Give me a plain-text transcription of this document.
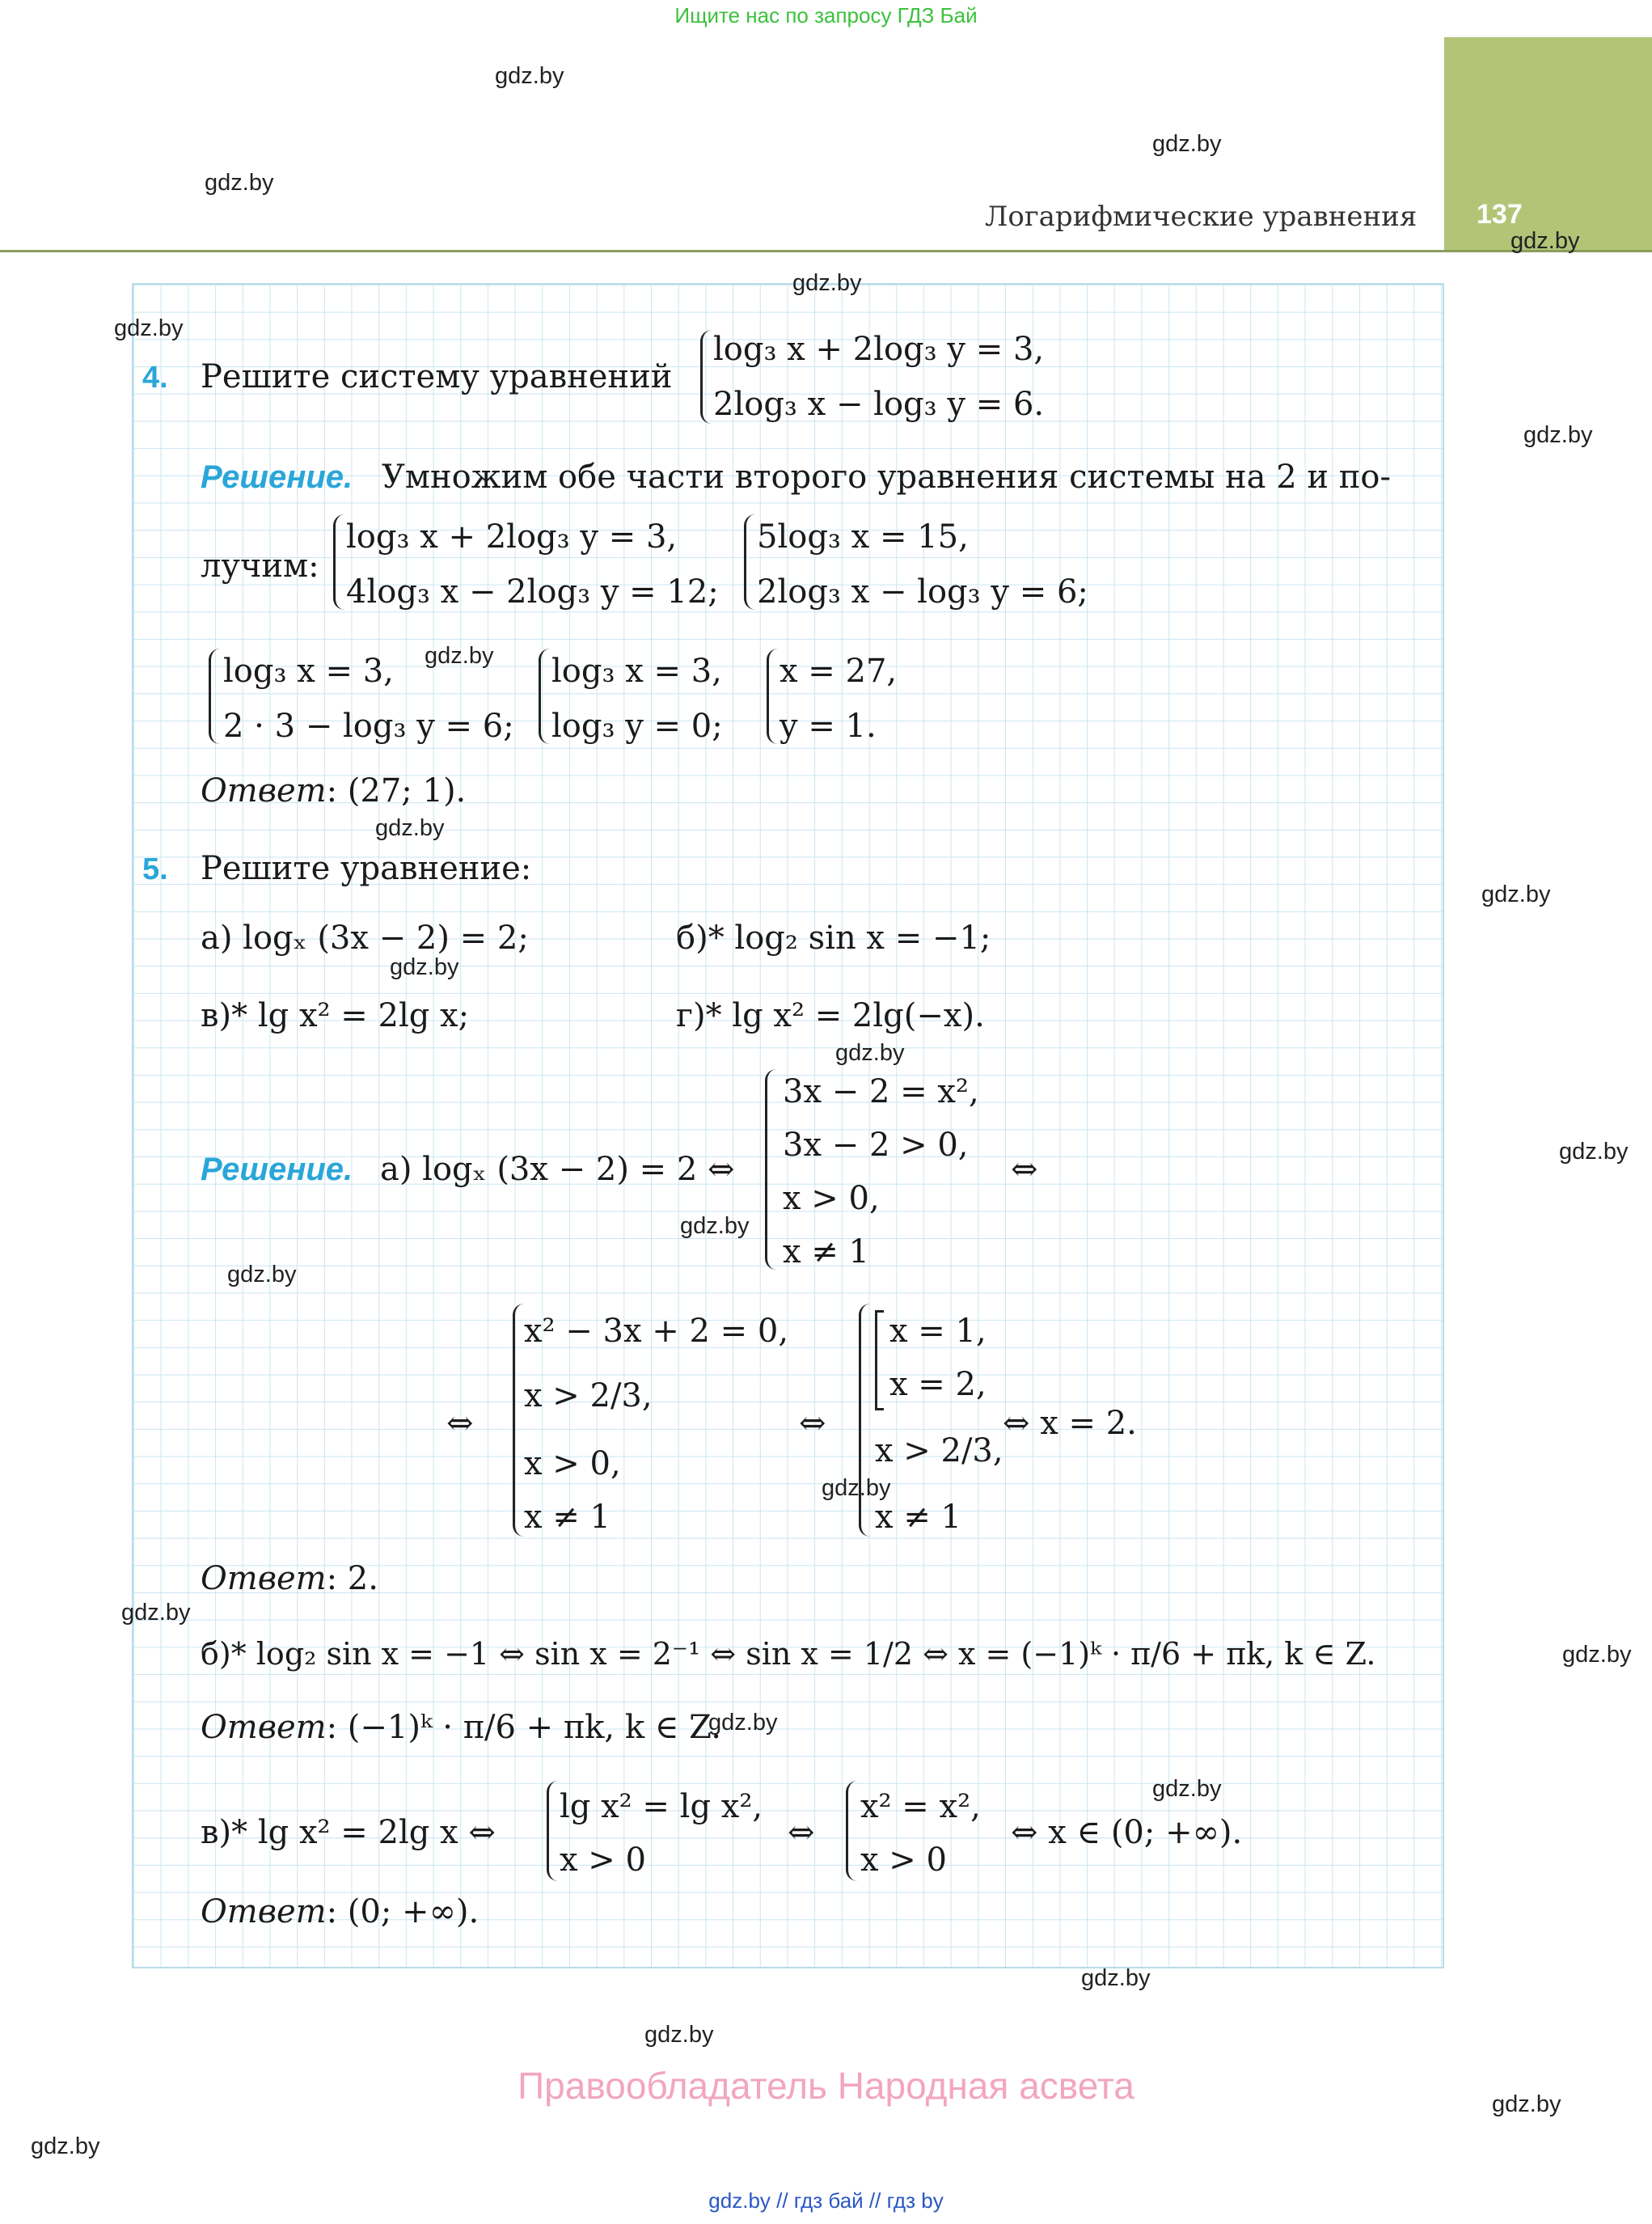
Ищите нас по запросу ГДЗ Бай
137
Логарифмические уравнения
gdz.by
gdz.by
gdz.by
gdz.by
gdz.by
gdz.by
gdz.by
gdz.by
gdz.by
gdz.by
gdz.by
gdz.by
gdz.by
gdz.by
gdz.by
gdz.by
gdz.by
gdz.by
gdz.by
gdz.by
gdz.by
gdz.by
gdz.by
gdz.by
4. Решите систему уравнений
log₃ x + 2log₃ y = 3,
2log₃ x − log₃ y = 6.
Решение. Умножим обе части второго уравнения системы на 2 и по-
лучим:
log₃ x + 2log₃ y = 3,
4log₃ x − 2log₃ y = 12;
5log₃ x = 15,
2log₃ x − log₃ y = 6;
log₃ x = 3,
2 · 3 − log₃ y = 6;
log₃ x = 3,
log₃ y = 0;
x = 27,
y = 1.
Ответ: (27; 1).
5. Решите уравнение:
а) logₓ (3x − 2) = 2;	б)* log₂ sin x = −1;
в)* lg x² = 2lg x;	г)* lg x² = 2lg(−x).
Решение. а) logₓ (3x − 2) = 2 ⇔
3x − 2 = x²,
3x − 2 > 0,
x > 0,
x ≠ 1
⇔
⇔
x² − 3x + 2 = 0,
x > 2/3,
x > 0,
x ≠ 1
⇔
x = 1,
x = 2,
x > 2/3,
x ≠ 1
⇔ x = 2.
Ответ: 2.
б)* log₂ sin x = −1 ⇔ sin x = 2⁻¹ ⇔ sin x = 1/2 ⇔ x = (−1)ᵏ · π/6 + πk, k ∈ Z.
Ответ: (−1)ᵏ · π/6 + πk, k ∈ Z.
в)* lg x² = 2lg x ⇔
lg x² = lg x²,
x > 0
⇔
x² = x²,
x > 0
⇔ x ∈ (0; +∞).
Ответ: (0; +∞).
Правообладатель Народная асвета
gdz.by // гдз бай // гдз by
